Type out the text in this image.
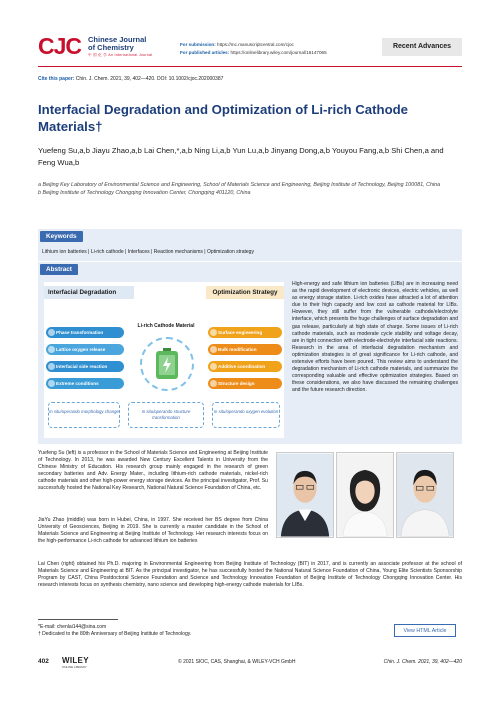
CJC Chinese Journal
of Chemistry
中 国 化 学 An International Journal
For submission: https://mc.manuscriptcentral.com/cjoc
For published articles: https://onlinelibrary.wiley.com/journal/16147065
Recent Advances
Cite this paper: Chin. J. Chem. 2021, 39, 402—420. DOI: 10.1002/cjoc.202000387
Interfacial Degradation and Optimization of Li-rich Cathode Materials†
Yuefeng Su,a,b Jiayu Zhao,a,b Lai Chen,*,a,b Ning Li,a,b Yun Lu,a,b Jinyang Dong,a,b Youyou Fang,a,b Shi Chen,a and Feng Wua,b
a Beijing Key Laboratory of Environmental Science and Engineering, School of Materials Science and Engineering, Beijing Institute of Technology, Beijing 100081, China
b Beijing Institute of Technology Chongqing Innovation Center, Chongqing 401120, China
Keywords
Lithium ion batteries | Li-rich cathode | Interfaces | Reaction mechanisms | Optimization strategy
Abstract
Interfacial Degradation	Optimization Strategy
Li-rich Cathode Material
Phase transformation
Lattice oxygen release
Interfacial side reaction
Extreme conditions
Surface engineering
Bulk modification
Additive coordination
Structure design
In situ/operando morphology change	In situ/operando structure transformation
In situ/operando oxygen evolution
High-energy and safe lithium ion batteries (LIBs) are in increasing need as the rapid development of electronic devices, electric vehicles, as well as energy storage station. Li-rich oxides have attracted a lot of attention due to their high capacity and low cost as cathode material for LIBs. However, they still suffer from the vulnerable cathode/electrolyte interface, which presents the huge challenges of surface degradation and gas release, particularly at high state of charge. Some issues of Li-rich cathode materials, such as moderate cycle stability and voltage decay, are in tight connection with electrode-electrolyte interfacial side reactions. Research in the area of interfacial degradation mechanism and optimization strategies is of great significance for Li-rich cathode, and extensive efforts have been poured. This review aims to understand the degradation mechanism of Li-rich cathode materials, and summarize the corresponding valuable and effective optimization strategies. Based on these considerations, we also have discussed the remaining challenges and the future research direction.
Yuefeng Su (left) is a professor in the School of Materials Science and Engineering at Beijing Institute of Technology. In 2013, he was awarded New Century Excellent Talents in University from the Chinese Ministry of Education. His research group mainly engaged in the research of green secondary batteries and Adv. Energy Mater., including lithium-rich cathode materials, nickel-rich cathode materials and other high-power energy storage devices. As the principal investigator, Prof. Su successfully hosted the National Key Research, National Natural Science Foundation of China, etc.
JiaYu Zhao (middle) was born in Hubei, China, in 1997. She received her BS degree from China University of Geosciences, Beijing in 2019. She is currently a master candidate in the School of Materials Science and Engineering at Beijing Institute of Technology. Her research interests focus on the high-performance Li-rich cathode for advanced lithium ion batteries
Lai Chen (right) obtained his Ph.D. majoring in Environmental Engineering from Beijing Institute of Technology (BIT) in 2017, and is currently an associate professor at the school of Materials Science and Engineering at BIT. As the principal investigator, he has successfully hosted the National Natural Science Foundation of China, Young Elite Scientists Sponsorship Program by CAST, China Postdoctoral Science Foundation and Science and Technology Innovation Foundation of Beijing Institute of Technology Chongqing Innovation Center. His research interests focus on synthesis chemistry, nano science and developing high-energy cathode materials for LIBs.
*E-mail: chenlai144@sina.com
† Dedicated to the 80th Anniversary of Beijing Institute of Technology.	View HTML Article
402 WILEY
ONLINE LIBRARY
© 2021 SIOC, CAS, Shanghai, & WILEY-VCH GmbH	Chin. J. Chem. 2021, 39, 402—420
